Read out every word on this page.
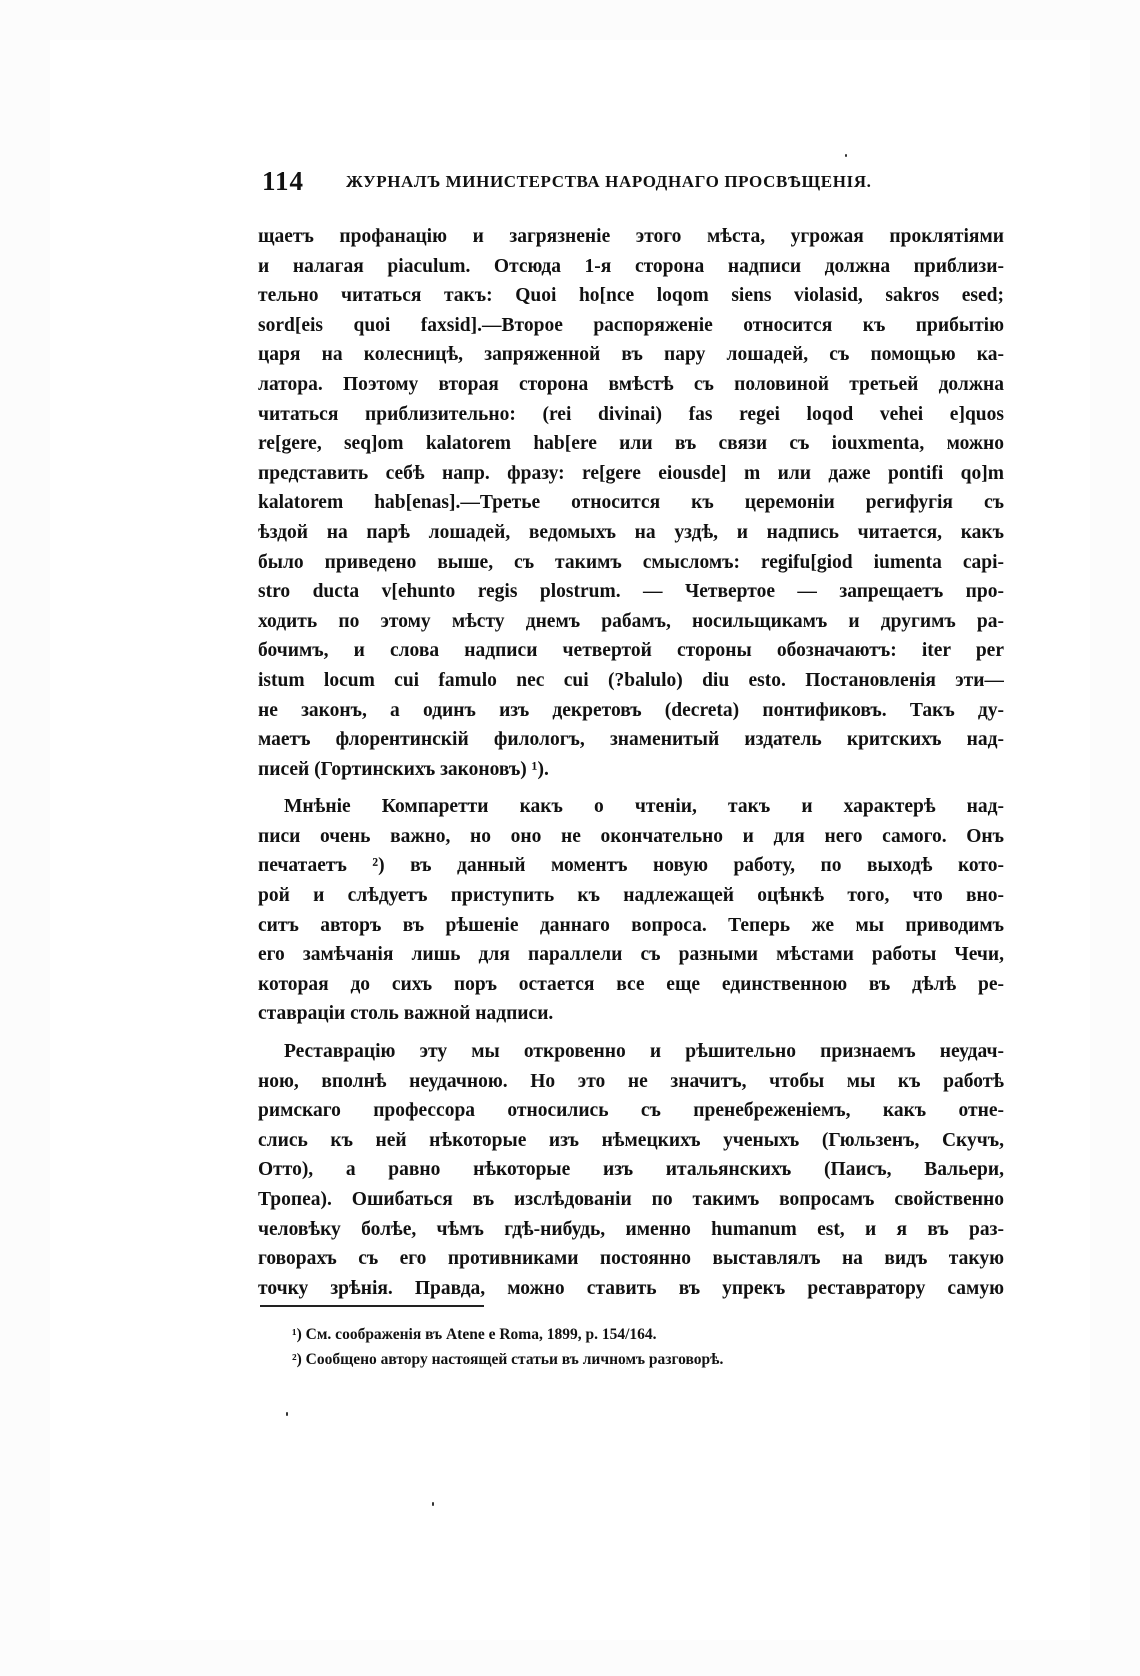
114 ЖУРНАЛЪ МИНИСТЕРСТВА НАРОДНАГО ПРОСВѢЩЕНІЯ.
щаетъ профанацію и загрязненіе этого мѣста, угрожая проклятіями
и налагая piaculum. Отсюда 1-я сторона надписи должна приблизи-
тельно читаться такъ: Quoi ho[nce loqom siens violasid, sakros esed;
sord[eis quoi faxsid].—Второе распоряженіе относится къ прибытію
царя на колесницѣ, запряженной въ пару лошадей, съ помощью ка-
латора. Поэтому вторая сторона вмѣстѣ съ половиной третьей должна
читаться приблизительно: (rei divinai) fas regei loqod vehei e]quos
re[gere, seq]om kalatorem hab[ere или въ связи съ iouxmenta, можно
представить себѣ напр. фразу: re[gere eiousde] m или даже pontifi qo]m
kalatorem hab[enas].—Третье относится къ церемоніи регифугія съ
ѣздой на парѣ лошадей, ведомыхъ на уздѣ, и надпись читается, какъ
было приведено выше, съ такимъ смысломъ: regifu[giod iumenta capi-
stro ducta v[ehunto regis plostrum. — Четвертое — запрещаетъ про-
ходить по этому мѣсту днемъ рабамъ, носильщикамъ и другимъ ра-
бочимъ, и слова надписи четвертой стороны обозначаютъ: iter per
istum locum cui famulo nec cui (?balulo) diu esto. Постановленія эти—
не законъ, а одинъ изъ декретовъ (decreta) понтификовъ. Такъ ду-
маетъ флорентинскій филологъ, знаменитый издатель критскихъ над-
писей (Гортинскихъ законовъ) ¹).
Мнѣніе Компаретти какъ о чтеніи, такъ и характерѣ над-
писи очень важно, но оно не окончательно и для него самого. Онъ
печатаетъ ²) въ данный моментъ новую работу, по выходѣ кото-
рой и слѣдуетъ приступить къ надлежащей оцѣнкѣ того, что вно-
ситъ авторъ въ рѣшеніе даннаго вопроса. Теперь же мы приводимъ
его замѣчанія лишь для параллели съ разными мѣстами работы Чечи,
которая до сихъ поръ остается все еще единственною въ дѣлѣ ре-
ставраціи столь важной надписи.
Реставрацію эту мы откровенно и рѣшительно признаемъ неудач-
ною, вполнѣ неудачною. Но это не значитъ, чтобы мы къ работѣ
римскаго профессора относились съ пренебреженіемъ, какъ отне-
слись къ ней нѣкоторые изъ нѣмецкихъ ученыхъ (Гюльзенъ, Скучъ,
Отто), а равно нѣкоторые изъ итальянскихъ (Паисъ, Вальери,
Тропеа). Ошибаться въ изслѣдованіи по такимъ вопросамъ свойственно
человѣку болѣе, чѣмъ гдѣ-нибудь, именно humanum est, и я въ раз-
говорахъ съ его противниками постоянно выставлялъ на видъ такую
точку зрѣнія. Правда, можно ставить въ упрекъ реставратору самую
¹) См. соображенія въ Atene e Roma, 1899, p. 154/164.
²) Сообщено автору настоящей статьи въ личномъ разговорѣ.
